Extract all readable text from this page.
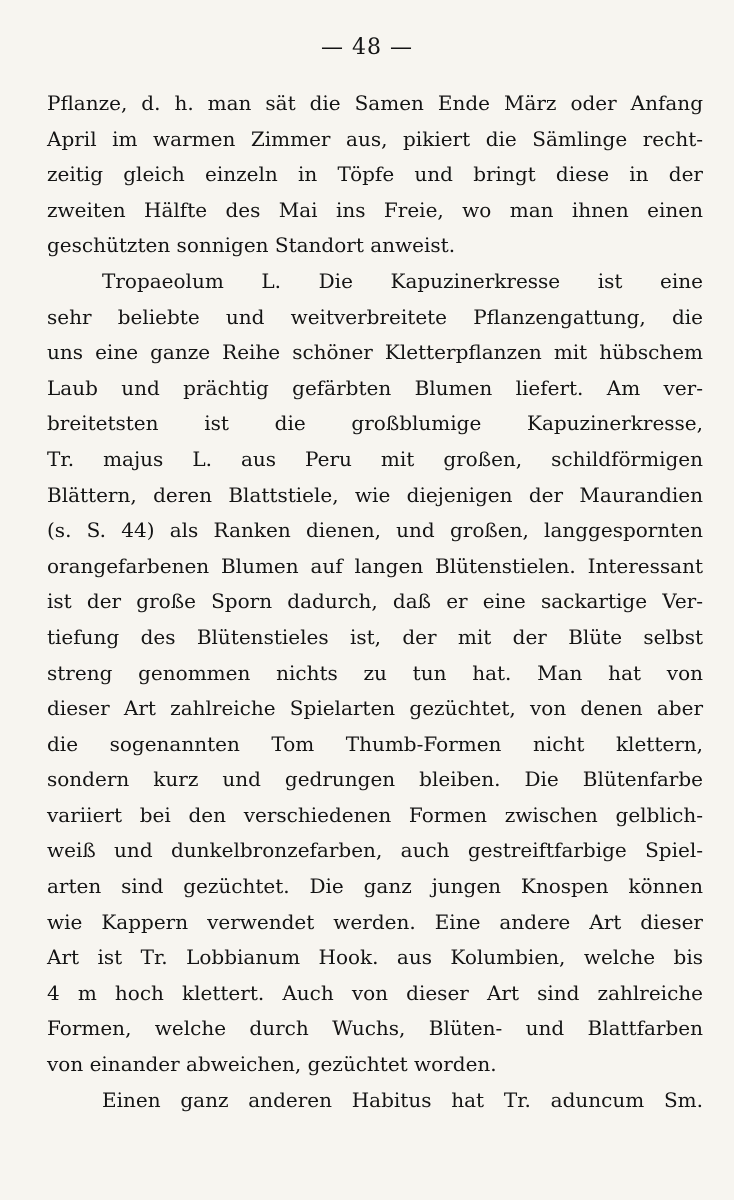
— 48 —
Pflanze, d. h. man sät die Samen Ende März oder Anfang
April im warmen Zimmer aus, pikiert die Sämlinge recht-
zeitig gleich einzeln in Töpfe und bringt diese in der
zweiten Hälfte des Mai ins Freie, wo man ihnen einen
geschützten sonnigen Standort anweist.
Tropaeolum L. Die Kapuzinerkresse ist eine
sehr beliebte und weitverbreitete Pflanzengattung, die
uns eine ganze Reihe schöner Kletterpflanzen mit hübschem
Laub und prächtig gefärbten Blumen liefert. Am ver-
breitetsten ist die großblumige Kapuzinerkresse,
Tr. majus L. aus Peru mit großen, schildförmigen
Blättern, deren Blattstiele, wie diejenigen der Maurandien
(s. S. 44) als Ranken dienen, und großen, langgespornten
orangefarbenen Blumen auf langen Blütenstielen. Interessant
ist der große Sporn dadurch, daß er eine sackartige Ver-
tiefung des Blütenstieles ist, der mit der Blüte selbst
streng genommen nichts zu tun hat. Man hat von
dieser Art zahlreiche Spielarten gezüchtet, von denen aber
die sogenannten Tom Thumb-Formen nicht klettern,
sondern kurz und gedrungen bleiben. Die Blütenfarbe
variiert bei den verschiedenen Formen zwischen gelblich-
weiß und dunkelbronzefarben, auch gestreiftfarbige Spiel-
arten sind gezüchtet. Die ganz jungen Knospen können
wie Kappern verwendet werden. Eine andere Art dieser
Art ist Tr. Lobbianum Hook. aus Kolumbien, welche bis
4 m hoch klettert. Auch von dieser Art sind zahlreiche
Formen, welche durch Wuchs, Blüten- und Blattfarben
von einander abweichen, gezüchtet worden.
Einen ganz anderen Habitus hat Tr. aduncum Sm.
